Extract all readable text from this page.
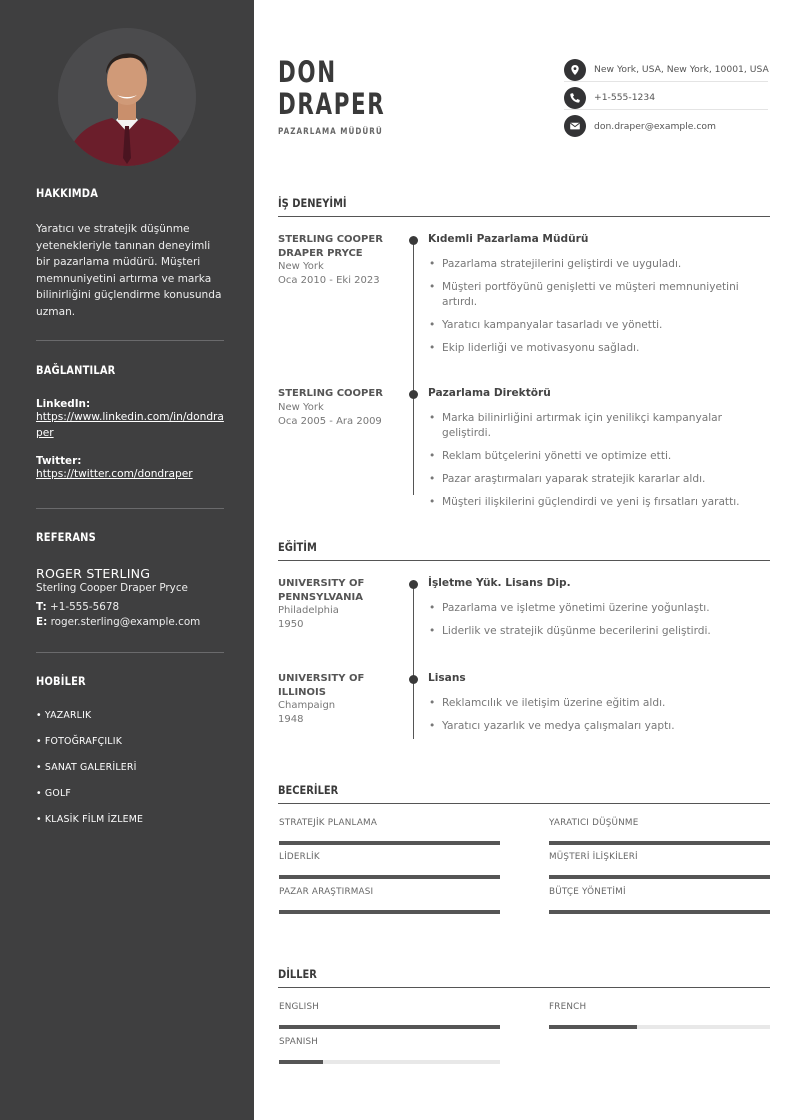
HAKKIMDA
Yaratıcı ve stratejik düşünme yetenekleriyle tanınan deneyimli bir pazarlama müdürü. Müşteri memnuniyetini artırma ve marka bilinirliğini güçlendirme konusunda uzman.
BAĞLANTILAR
LinkedIn:
https://www.linkedin.com/in/dondraper
Twitter:
https://twitter.com/dondraper
REFERANS
ROGER STERLING
Sterling Cooper Draper Pryce
T: +1-555-5678
E: roger.sterling@example.com
HOBİLER
• YAZARLIK
• FOTOĞRAFÇILIK
• SANAT GALERİLERİ
• GOLF
• KLASİK FİLM İZLEME
DON
DRAPER
PAZARLAMA MÜDÜRÜ
New York, USA, New York, 10001, USA
+1-555-1234
don.draper@example.com
İŞ DENEYİMİ
STERLING COOPER DRAPER PRYCE
New York
Oca 2010 - Eki 2023
Kıdemli Pazarlama Müdürü
• Pazarlama stratejilerini geliştirdi ve uyguladı.
• Müşteri portföyünü genişletti ve müşteri memnuniyetini artırdı.
• Yaratıcı kampanyalar tasarladı ve yönetti.
• Ekip liderliği ve motivasyonu sağladı.
STERLING COOPER
New York
Oca 2005 - Ara 2009
Pazarlama Direktörü
• Marka bilinirliğini artırmak için yenilikçi kampanyalar geliştirdi.
• Reklam bütçelerini yönetti ve optimize etti.
• Pazar araştırmaları yaparak stratejik kararlar aldı.
• Müşteri ilişkilerini güçlendirdi ve yeni iş fırsatları yarattı.
EĞİTİM
UNIVERSITY OF PENNSYLVANIA
Philadelphia
1950
İşletme Yük. Lisans Dip.
• Pazarlama ve işletme yönetimi üzerine yoğunlaştı.
• Liderlik ve stratejik düşünme becerilerini geliştirdi.
UNIVERSITY OF ILLINOIS
Champaign
1948
Lisans
• Reklamcılık ve iletişim üzerine eğitim aldı.
• Yaratıcı yazarlık ve medya çalışmaları yaptı.
BECERİLER
STRATEJİK PLANLAMA	YARATICI DÜŞÜNME
LİDERLİK	MÜŞTERİ İLİŞKİLERİ
PAZAR ARAŞTIRMASI	BÜTÇE YÖNETİMİ
DİLLER
ENGLISH	FRENCH
SPANISH
